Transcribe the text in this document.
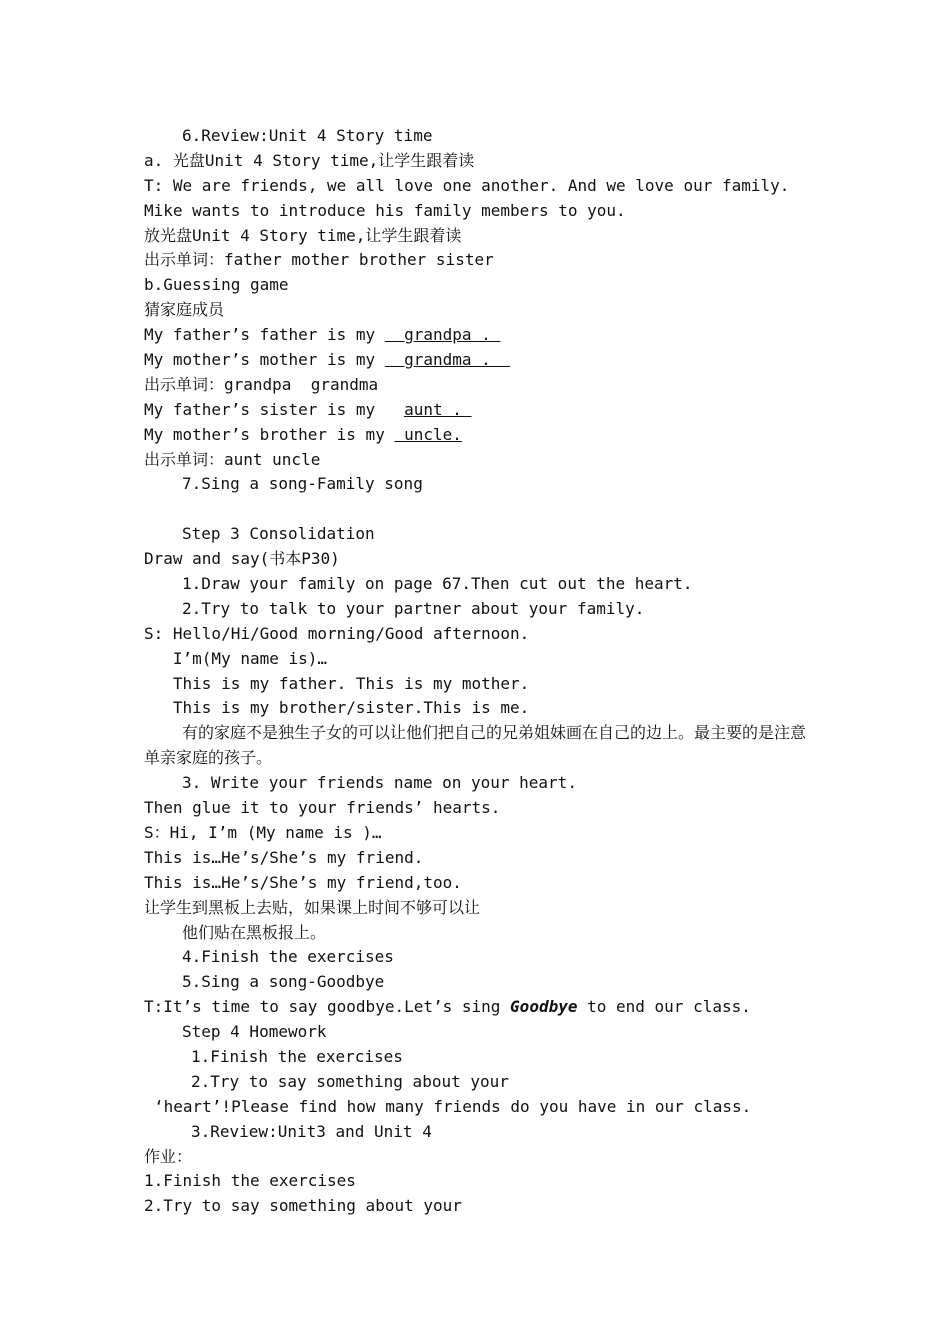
6.Review:Unit 4 Story time
a. 光盘Unit 4 Story time,让学生跟着读
T: We are friends, we all love one another. And we love our family.
Mike wants to introduce his family members to you.
放光盘Unit 4 Story time,让学生跟着读
出示单词：father mother brother sister
b.Guessing game
猜家庭成员
My father’s father is my   grandpa .
My mother’s mother is my   grandma .
出示单词：grandpa  grandma
My father’s sister is my   aunt .
My mother’s brother is my  uncle.
出示单词：aunt uncle
7.Sing a song-Family song
Step 3 Consolidation
Draw and say(书本P30)
1.Draw your family on page 67.Then cut out the heart.
2.Try to talk to your partner about your family.
S: Hello/Hi/Good morning/Good afternoon.
I’m(My name is)…
This is my father. This is my mother.
This is my brother/sister.This is me.
有的家庭不是独生子女的可以让他们把自己的兄弟姐妹画在自己的边上。最主要的是注意单亲家庭的孩子。
3. Write your friends name on your heart.
Then glue it to your friends’ hearts.
S：Hi, I’m (My name is )…
This is…He’s/She’s my friend.
This is…He’s/She’s my friend,too.
让学生到黑板上去贴，如果课上时间不够可以让
他们贴在黑板报上。
4.Finish the exercises
5.Sing a song-Goodbye
T:It’s time to say goodbye.Let’s sing Goodbye to end our class.
Step 4 Homework
1.Finish the exercises
2.Try to say something about your
‘heart’!Please find how many friends do you have in our class.
3.Review:Unit3 and Unit 4
作业：
1.Finish the exercises
2.Try to say something about your
